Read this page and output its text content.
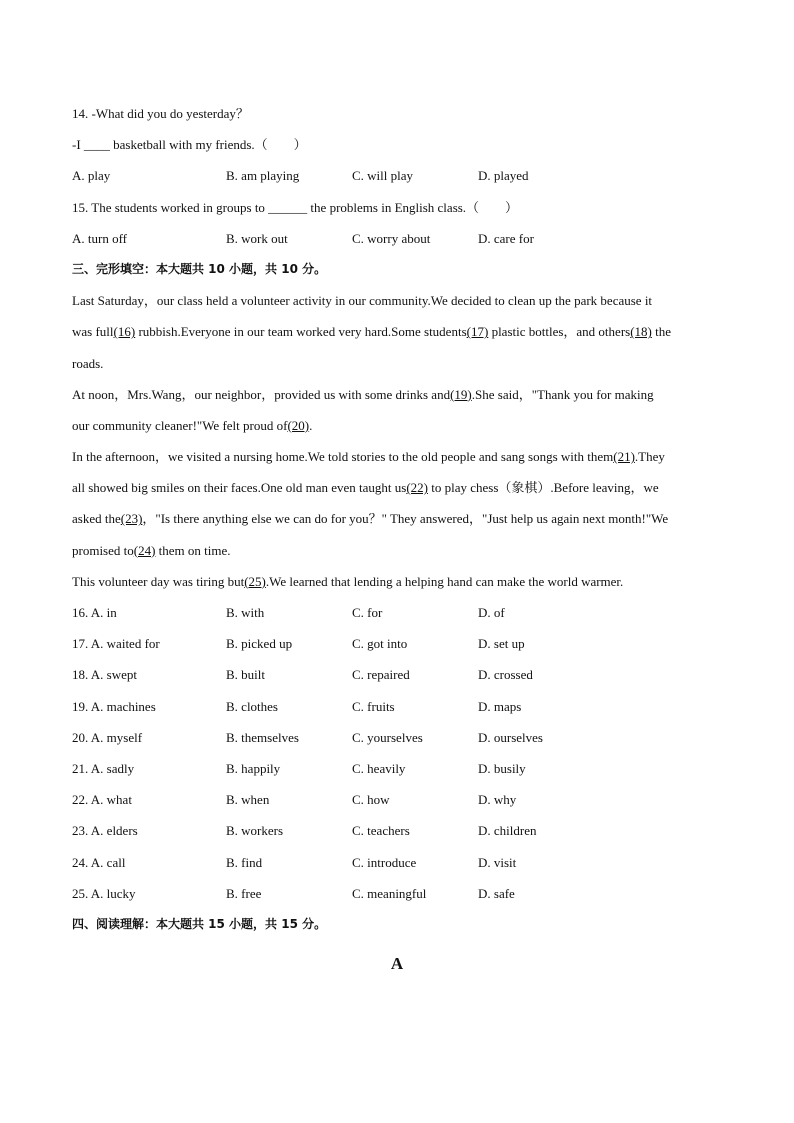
14. -What did you do yesterday？
-I ____ basketball with my friends.（　　）
A. play	B. am playing	C. will play	D. played
15. The students worked in groups to ______ the problems in English class.（　　）
A. turn off	B. work out	C. worry about	D. care for
三、完形填空：本大题共 10 小题，共 10 分。
Last Saturday，our class held a volunteer activity in our community.We decided to clean up the park because it
was full(16) rubbish.Everyone in our team worked very hard.Some students(17) plastic bottles，and others(18) the
roads.
At noon，Mrs.Wang，our neighbor，provided us with some drinks and(19).She said，"Thank you for making
our community cleaner!"We felt proud of(20).
In the afternoon，we visited a nursing home.We told stories to the old people and sang songs with them(21).They
all showed big smiles on their faces.One old man even taught us(22) to play chess（象棋）.Before leaving，we
asked the(23)，"Is there anything else we can do for you？" They answered，"Just help us again next month!"We
promised to(24) them on time.
This volunteer day was tiring but(25).We learned that lending a helping hand can make the world warmer.
16. A. in	B. with	C. for	D. of
17. A. waited for	B. picked up	C. got into	D. set up
18. A. swept	B. built	C. repaired	D. crossed
19. A. machines	B. clothes	C. fruits	D. maps
20. A. myself	B. themselves	C. yourselves	D. ourselves
21. A. sadly	B. happily	C. heavily	D. busily
22. A. what	B. when	C. how	D. why
23. A. elders	B. workers	C. teachers	D. children
24. A. call	B. find	C. introduce	D. visit
25. A. lucky	B. free	C. meaningful	D. safe
四、阅读理解：本大题共 15 小题，共 15 分。
A
